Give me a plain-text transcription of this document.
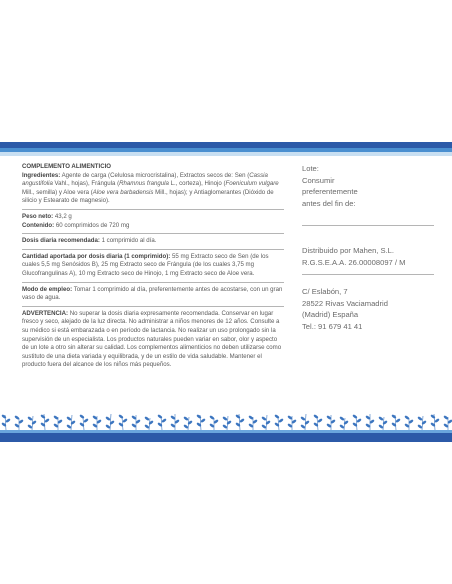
COMPLEMENTO ALIMENTICIO
Ingredientes: Agente de carga (Celulosa microcristalina), Extractos secos de: Sen (Cassia angustifolia Vahl., hojas), Frángula (Rhamnus frangula L., corteza), Hinojo (Foeniculum vulgare Mill., semilla) y Aloe vera (Aloe vera barbadensis Mill., hojas); y Antiaglomerantes (Dióxido de silicio y Estearato de magnesio).
Peso neto: 43,2 g
Contenido: 60 comprimidos de 720 mg
Dosis diaria recomendada: 1 comprimido al día.
Cantidad aportada por dosis diaria (1 comprimido): 55 mg Extracto seco de Sen (de los cuales 5,5 mg Senósidos B), 25 mg Extracto seco de Frángula (de los cuales 3,75 mg Glucofrangulinas A), 10 mg Extracto seco de Hinojo, 1 mg Extracto seco de Aloe vera.
Modo de empleo: Tomar 1 comprimido al día, preferentemente antes de acostarse, con un gran vaso de agua.
ADVERTENCIA: No superar la dosis diaria expresamente recomendada. Conservar en lugar fresco y seco, alejado de la luz directa. No administrar a niños menores de 12 años. Consulte a su médico si está embarazada o en período de lactancia. No realizar un uso prolongado sin la supervisión de un especialista. Los productos naturales pueden variar en sabor, olor y aspecto de un lote a otro sin alterar su calidad. Los complementos alimenticios no deben utilizarse como sustituto de una dieta variada y equilibrada, y de un estilo de vida saludable. Mantener el producto fuera del alcance de los niños más pequeños.
Lote:
Consumir
preferentemente
antes del fin de:
Distribuido por Mahen, S.L.
R.G.S.E.A.A. 26.00008097 / M
C/ Eslabón, 7
28522 Rivas Vaciamadrid
(Madrid) España
Tel.: 91 679 41 41
